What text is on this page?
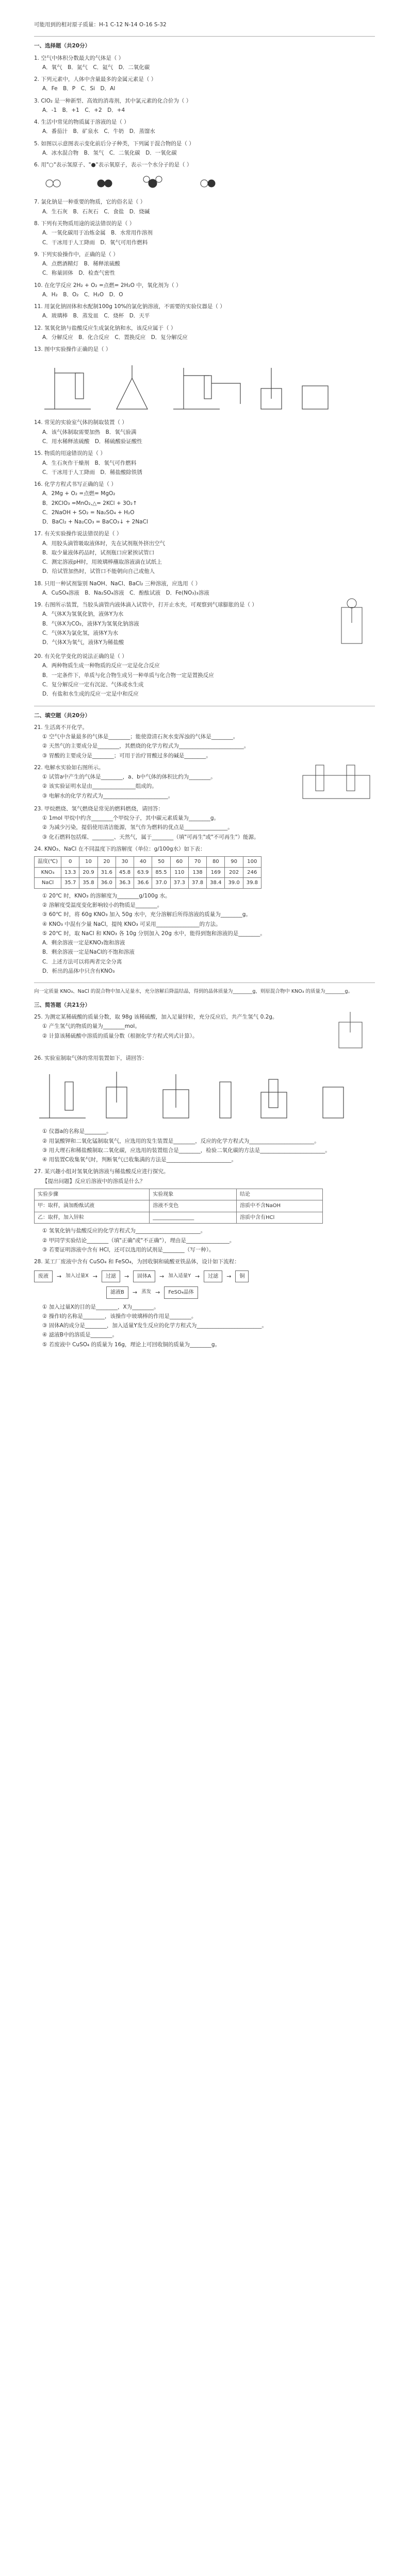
可能用到的相对原子质量：H-1 C-12 N-14 O-16 S-32
一、选择题（共20分）
1. 空气中体积分数最大的气体是（ ）
A．氧气　B．氮气　C．氦气　D．二氧化碳
2. 下列元素中，人体中含量最多的金属元素是（ ）
A．Fe　B．P　C．Si　D．Al
3. ClO₂ 是一种新型、高效的消毒剂，其中氯元素的化合价为（ ）
A．-1　B．+1　C．+2　D．+4
4. 生活中常见的物质属于溶液的是（ ）
A．番茄汁　B．矿泉水　C．牛奶　D．蒸馏水
5. 如图以示意图表示变化前后分子种类，下列属于混合物的是（ ）
A．冰水混合物　B．氢气　C．二氧化碳　D．一氧化碳
6. 用"○"表示氢原子、"●"表示氧原子，表示一个水分子的是（ ）
7. 氯化钠是一种重要的物质，它的俗名是（ ）
A．生石灰　B．石灰石　C．食盐　D．烧碱
8. 下列有关物质用途的说法错误的是（ ）
A．一氧化碳用于冶炼金属　B．水常用作溶剂
C．干冰用于人工降雨　D．氧气可用作燃料
9. 下列实验操作中，正确的是（ ）
A．点燃酒精灯　B．稀释浓硫酸
C．称量固体　D．检查气密性
10. 在化学反应 2H₂ + O₂ =点燃= 2H₂O 中，氧化剂为（ ）
A．H₂　B．O₂　C．H₂O　D．O
11. 用氯化钠固体和水配制100g 10%的氯化钠溶液，不需要的实验仪器是（ ）
A．玻璃棒　B．蒸发皿　C．烧杯　D．天平
12. 氢氧化钠与盐酸反应生成氯化钠和水，该反应属于（ ）
A．分解反应　B．化合反应　C．置换反应　D．复分解反应
13. 图中实验操作正确的是（ ）
14. 常见的实验室气体的制取装置（ ）
A．该气体制取需要加热　B．氧气验满
C．用水稀释浓硫酸　D．稀硫酸验证酸性
15. 物质的用途错误的是（ ）
A．生石灰作干燥剂　B．氧气可作燃料
C．干冰用于人工降雨　D．稀盐酸除铁锈
16. 化学方程式书写正确的是（ ）
A．2Mg + O₂ =点燃= MgO₂
B．2KClO₃ =MnO₂,△= 2KCl + 3O₂↑
C．2NaOH + SO₂ = Na₂SO₄ + H₂O
D．BaCl₂ + Na₂CO₃ = BaCO₃↓ + 2NaCl
17. 有关实验操作说法错误的是（ ）
A．用胶头滴管吸取液体时，先在试剂瓶外挤出空气
B．取少量液体药品时，试剂瓶口应紧挨试管口
C．测定溶液pH时，用玻璃棒蘸取溶液滴在试纸上
D．给试管加热时，试管口不能朝向自己或他人
18. 只用一种试剂鉴别 NaOH、NaCl、BaCl₂ 三种溶液，应选用（ ）
A．CuSO₄溶液　B．Na₂SO₄溶液　C．酚酞试液　D．Fe(NO₃)₃溶液
19. 右图所示装置，当胶头滴管内液体滴入试管中，打开止水夹，可观察到气球膨胀的是（ ）
A．气体X为氢氧化钠，液体Y为水
B．气体X为CO₂，液体Y为氢氧化钠溶液
C．气体X为氯化氢，液体Y为水
D．气体X为氧气，液体Y为稀盐酸
20. 有关化学变化的说法正确的是（ ）
A．两种物质生成一种物质的反应一定是化合反应
B．一定条件下，单质与化合物生成另一种单质与化合物一定是置换反应
C．复分解反应一定有沉淀、气体或水生成
D．有盐和水生成的反应一定是中和反应
二、填空题（共20分）
21. 生活离不开化学。
① 空气中含量最多的气体是________；能使澄清石灰水变浑浊的气体是________。
② 天然气的主要成分是________，其燃烧的化学方程式为________________________。
③ 胃酸的主要成分是________；可用于治疗胃酸过多的碱是________。
22. 电解水实验如右图所示。
① 试管a中产生的气体是________，a、b中气体的体积比约为________。
② 该实验证明水是由________________组成的。
③ 电解水的化学方程式为________________________。
23. 甲烷燃烧、氢气燃烧是常见的燃料燃烧，请回答：
① 1mol 甲烷中约含________个甲烷分子，其中碳元素质量为________g。
② 为减少污染，提倡使用清洁能源，氢气作为燃料的优点是________________。
③ 化石燃料包括煤、________、天然气，属于________（填"可再生"或"不可再生"）能源。
24. KNO₃、NaCl 在不同温度下的溶解度（单位：g/100g水）如下表：
温度(℃)	0	10	20	30	40	50	60	70	80	90	100
KNO₃	13.3	20.9	31.6	45.8	63.9	85.5	110	138	169	202	246
NaCl	35.7	35.8	36.0	36.3	36.6	37.0	37.3	37.8	38.4	39.0	39.8
① 20℃ 时，KNO₃ 的溶解度为________g/100g 水。
② 溶解度受温度变化影响较小的物质是________。
③ 60℃ 时，将 60g KNO₃ 加入 50g 水中，充分溶解后所得溶液的质量为________g。
④ KNO₃ 中混有少量 NaCl，提纯 KNO₃ 可采用________________的方法。
⑤ 20℃ 时，取 NaCl 和 KNO₃ 各 10g 分别加入 20g 水中，能得到饱和溶液的是________。
A．剩余溶液一定是KNO₃饱和溶液
B．剩余溶液一定是NaCl的不饱和溶液
C．上述方法可以将两者完全分离
D．析出的晶体中只含有KNO₃
向一定质量 KNO₃、NaCl 的混合物中加入足量水，充分溶解后降温结晶，得到的晶体质量为________g，则原混合物中 KNO₃ 的质量为________g。
三、简答题（共21分）
25. 为测定某稀硫酸的质量分数，取 98g 该稀硫酸，加入足量锌粒，充分反应后，共产生氢气 0.2g。
① 产生氢气的物质的量为________mol。
② 计算该稀硫酸中溶质的质量分数（根据化学方程式列式计算）。
26. 实验室制取气体的常用装置如下，请回答：
① 仪器a的名称是________。
② 用氯酸钾和二氧化锰制取氧气，应选用的发生装置是________，反应的化学方程式为________________________。
③ 用大理石和稀盐酸制取二氧化碳，应选用的装置组合是________，检验二氧化碳的方法是________________________。
④ 用装置C收集氧气时，判断氧气已收集满的方法是________________________。
27. 某兴趣小组对氢氧化钠溶液与稀盐酸反应进行探究。
【提出问题】反应后溶液中的溶质是什么？
实验步骤	实验现象	结论
甲：取样，滴加酚酞试液	溶液不变色	溶质中不含NaOH
乙：取样，加入锌粒	________________	溶质中含有HCl
① 氢氧化钠与盐酸反应的化学方程式为________________________。
② 甲同学实验结论________（填"正确"或"不正确"），理由是________________。
③ 若要证明溶液中含有 HCl，还可以选用的试剂是________（写一种）。
28. 某工厂废液中含有 CuSO₄ 和 FeSO₄，为回收铜和硫酸亚铁晶体，设计如下流程：
废液	→ 加入过量X →	过滤	→	固体A	→ 加入适量Y →	过滤	→	铜
滤液B	→ 蒸发 →	FeSO₄晶体
① 加入过量X的目的是________，X为________。
② 操作Ⅰ的名称是________，该操作中玻璃棒的作用是________。
③ 固体A的成分是________，加入适量Y发生反应的化学方程式为________________________。
④ 滤液B中的溶质是________。
⑤ 若废液中 CuSO₄ 的质量为 16g，理论上可回收铜的质量为________g。
